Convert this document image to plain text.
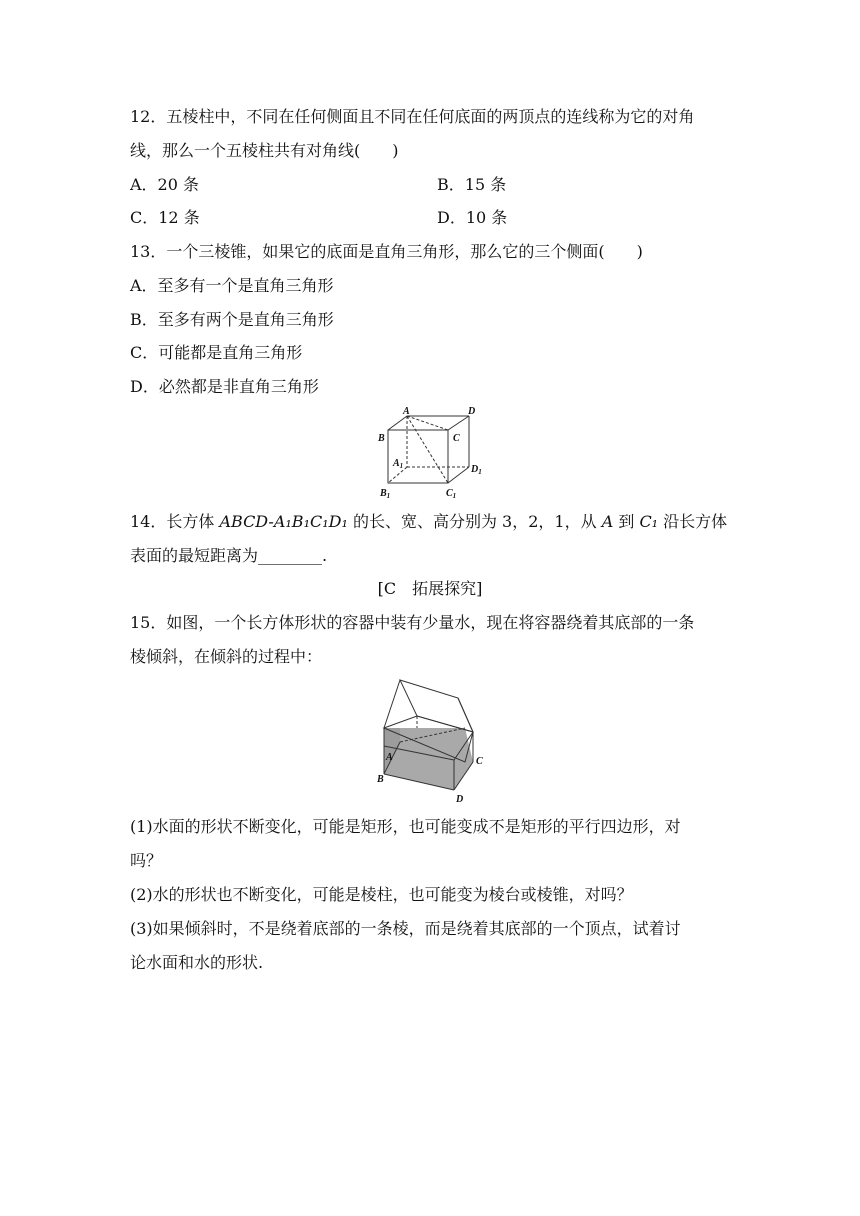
12．五棱柱中，不同在任何侧面且不同在任何底面的两顶点的连线称为它的对角
线，那么一个五棱柱共有对角线(　　)
A．20 条	B．15 条
C．12 条	D．10 条
13．一个三棱锥，如果它的底面是直角三角形，那么它的三个侧面(　　)
A．至多有一个是直角三角形
B．至多有两个是直角三角形
C．可能都是直角三角形
D．必然都是非直角三角形
A	D
B	C
$A_1$	$D_1$
$B_1$	$C_1$
14．长方体 ABCD-A₁B₁C₁D₁ 的长、宽、高分别为 3，2，1，从 A 到 C₁ 沿长方体
表面的最短距离为________.
[C　拓展探究]
15．如图，一个长方体形状的容器中装有少量水，现在将容器绕着其底部的一条
棱倾斜，在倾斜的过程中：
A
B
C
D
(1)水面的形状不断变化，可能是矩形，也可能变成不是矩形的平行四边形，对
吗？
(2)水的形状也不断变化，可能是棱柱，也可能变为棱台或棱锥，对吗？
(3)如果倾斜时，不是绕着底部的一条棱，而是绕着其底部的一个顶点，试着讨
论水面和水的形状.
